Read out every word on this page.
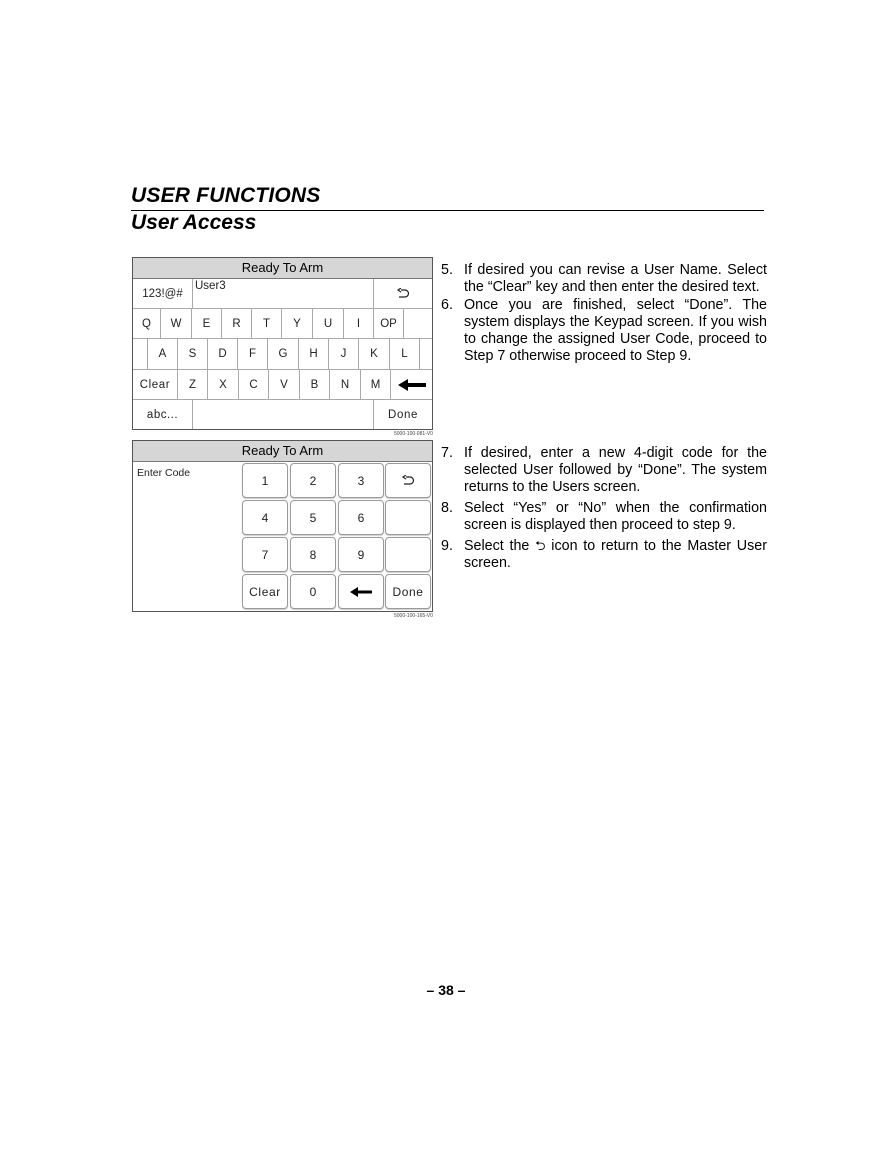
USER FUNCTIONS
User Access
Ready To Arm
123!@#
User3
Q	W	E	R	T	Y	U	I	OP
A	S	D	F	G	H	J	K	L
Clear	Z	X	C	V	B	N	M
abc...	Done
5000-100-081-V0
Ready To Arm
Enter Code
1	2	3
4	5	6
7	8	9
Clear	0	Done
5000-100-165-V0
5. If desired you can revise a User Name. Select the “Clear” key and then enter the desired text.
6. Once you are finished, select “Done”. The system displays the Keypad screen. If you wish to change the assigned User Code, proceed to Step 7 otherwise proceed to Step 9.
7. If desired, enter a new 4-digit code for the selected User followed by “Done”. The system returns to the Users screen.
8. Select “Yes” or “No” when the confirmation screen is displayed then proceed to step 9.
9. Select the ⮌ icon to return to the Master User screen.
– 38 –
